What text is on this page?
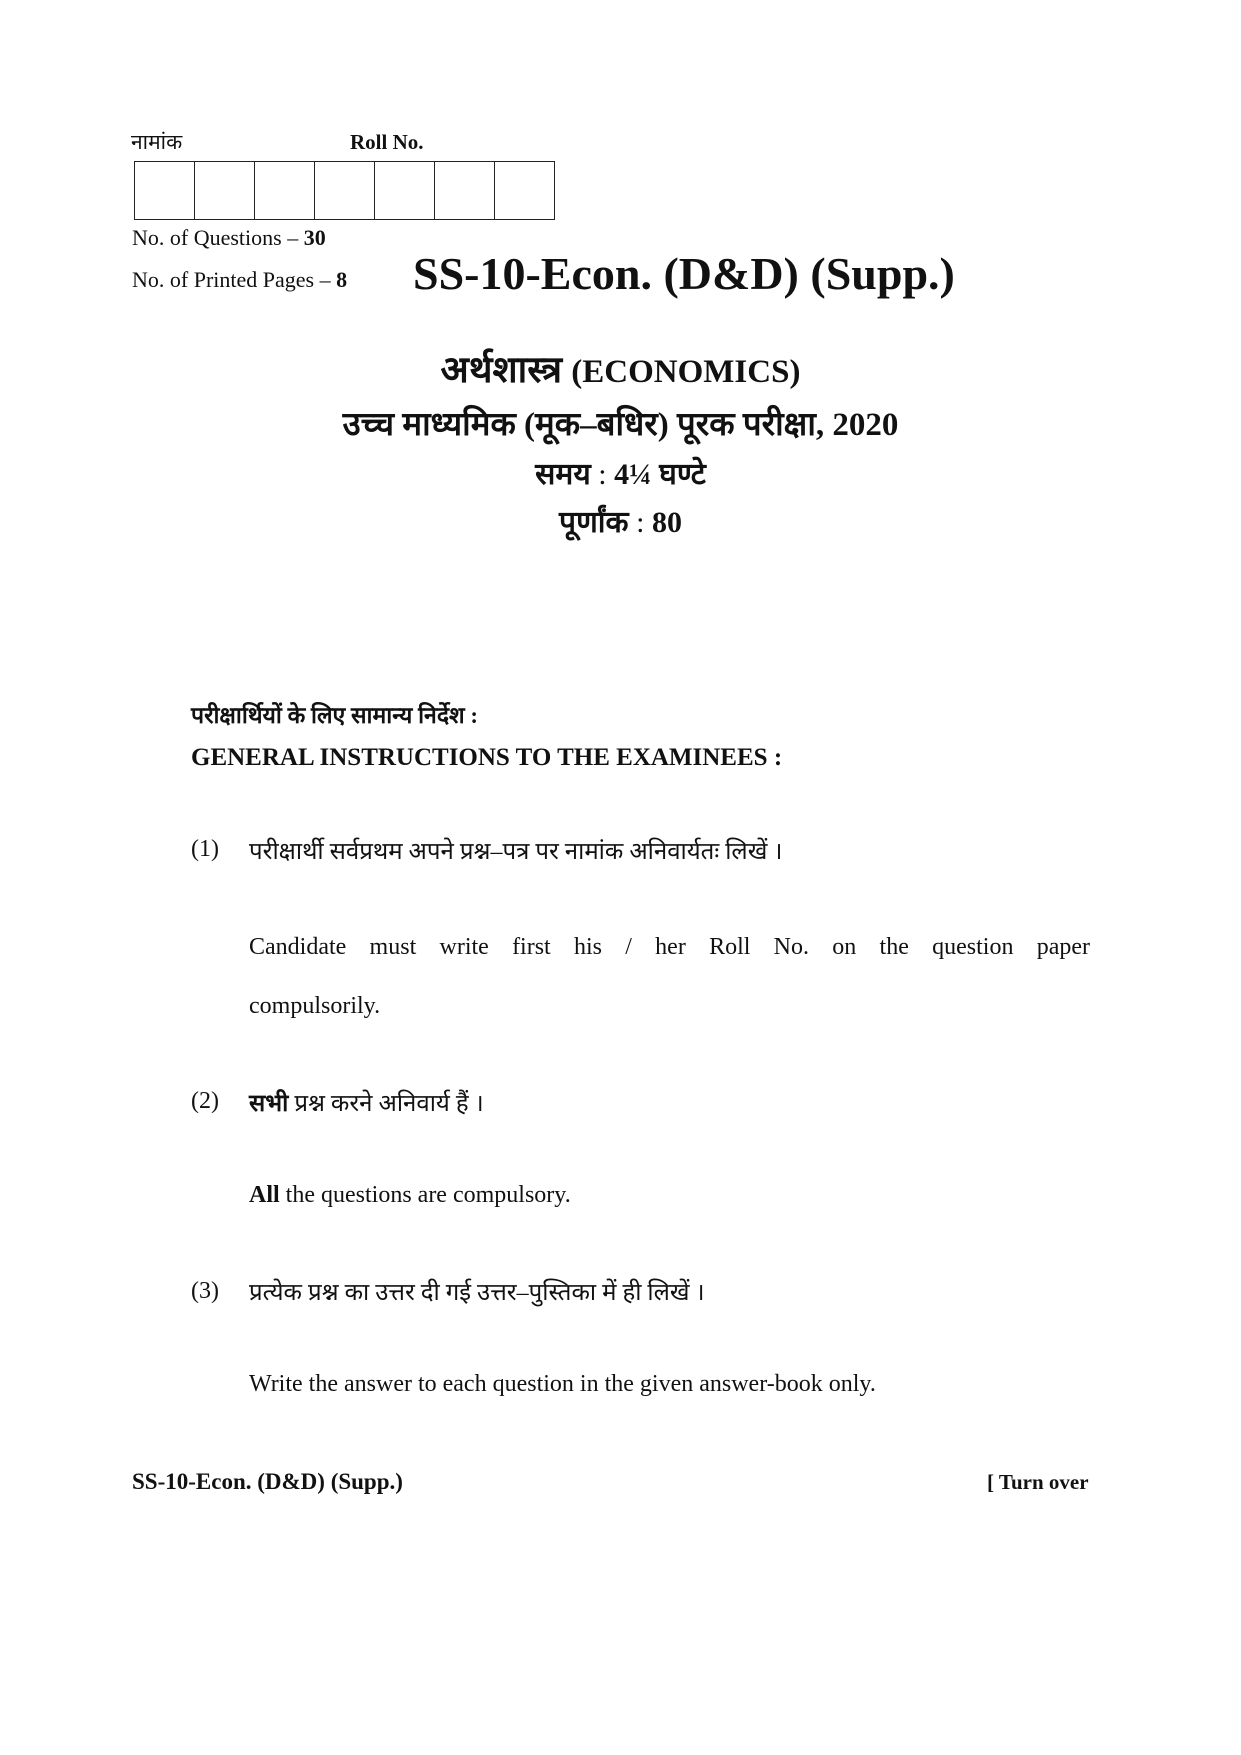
नामांक	Roll No.
No. of Questions – 30
No. of Printed Pages – 8 SS-10-Econ. (D&D) (Supp.)
अर्थशास्त्र (ECONOMICS)
उच्च माध्यमिक (मूक–बधिर) पूरक परीक्षा, 2020
समय : 4¼ घण्टे
पूर्णांक : 80
परीक्षार्थियों के लिए सामान्य निर्देश :
GENERAL INSTRUCTIONS TO THE EXAMINEES :
(1) परीक्षार्थी सर्वप्रथम अपने प्रश्न–पत्र पर नामांक अनिवार्यतः लिखें ।
Candidate must write first his / her Roll No. on the question paper
compulsorily.
(2) सभी प्रश्न करने अनिवार्य हैं ।
All the questions are compulsory.
(3) प्रत्येक प्रश्न का उत्तर दी गई उत्तर–पुस्तिका में ही लिखें ।
Write the answer to each question in the given answer-book only.
SS-10-Econ. (D&D) (Supp.)	[ Turn over
